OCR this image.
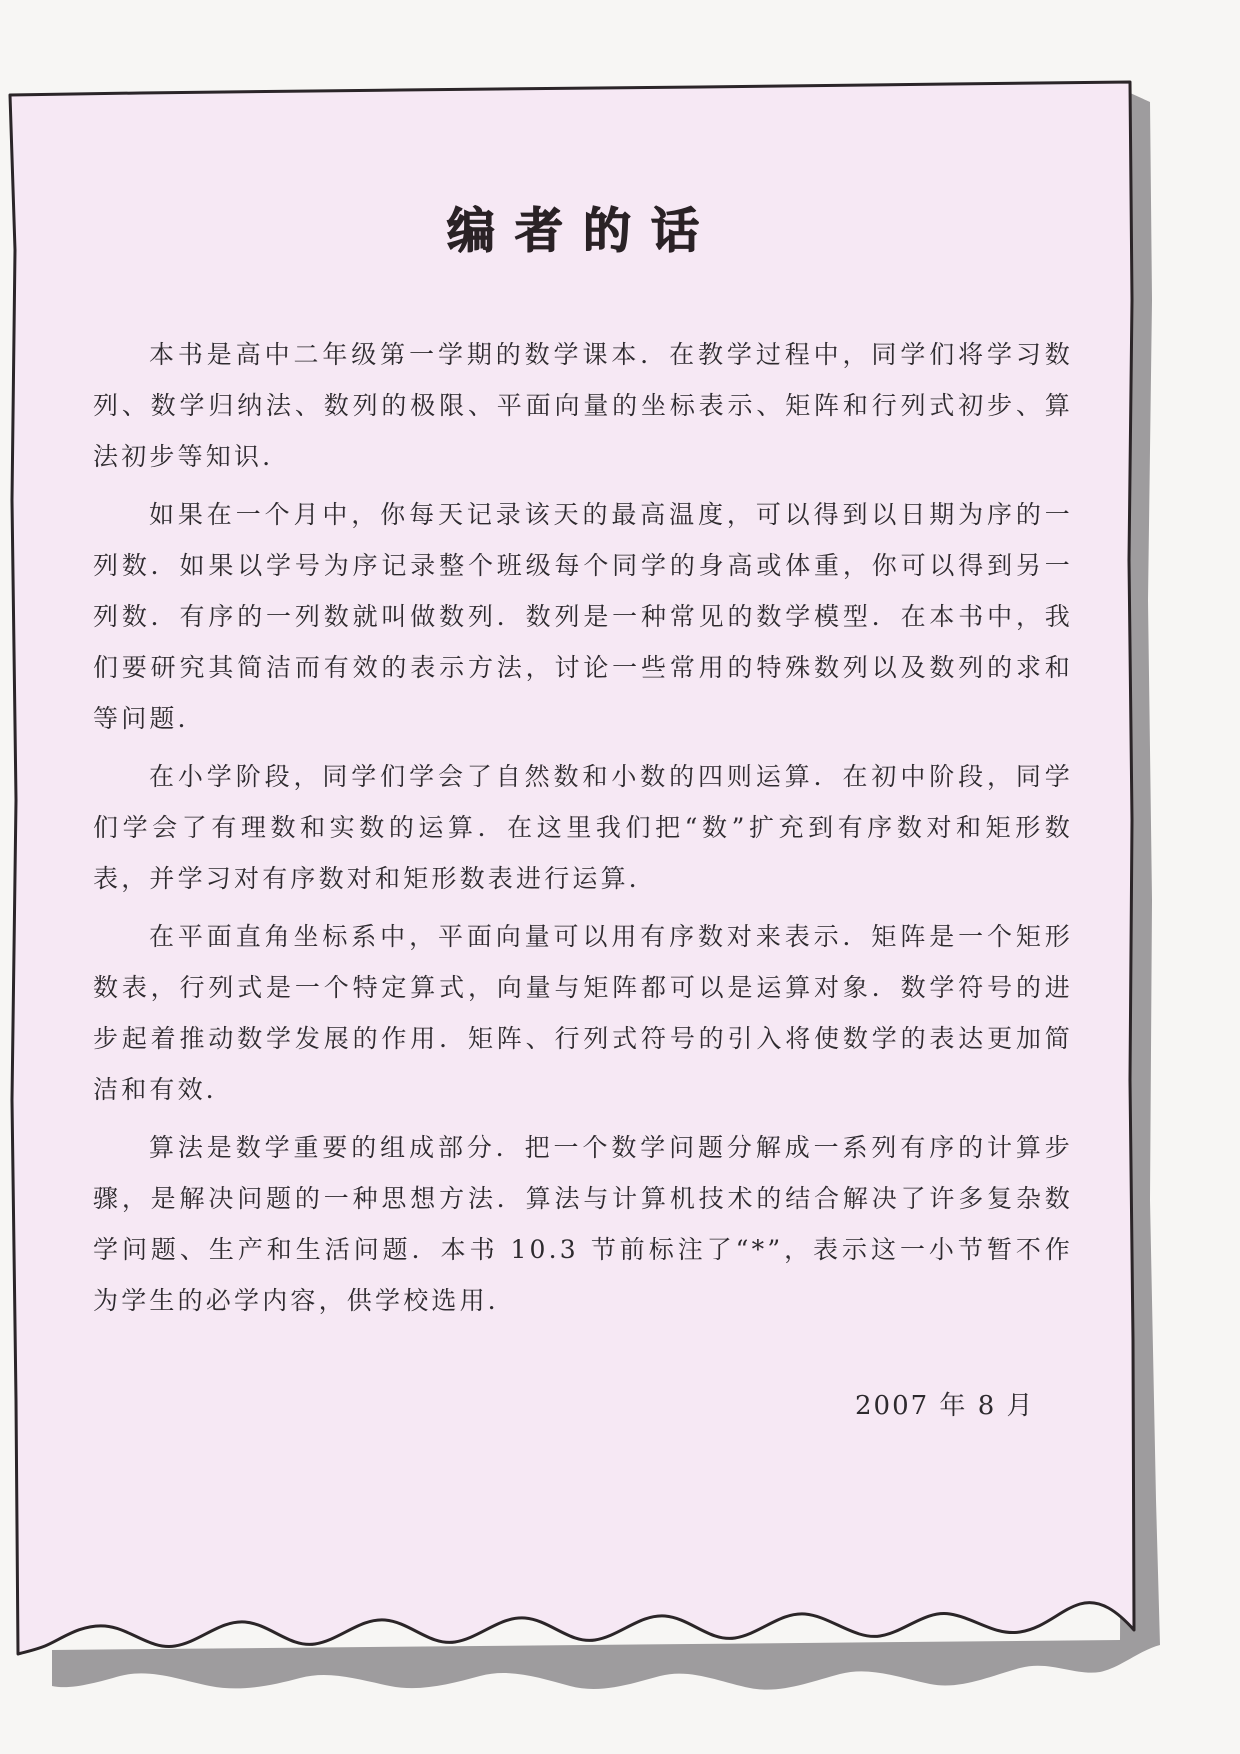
编者的话

本书是高中二年级第一学期的数学课本．在教学过程中，同学们将学习数列、数学归纳法、数列的极限、平面向量的坐标表示、矩阵和行列式初步、算法初步等知识．

如果在一个月中，你每天记录该天的最高温度，可以得到以日期为序的一列数．如果以学号为序记录整个班级每个同学的身高或体重，你可以得到另一列数．有序的一列数就叫做数列．数列是一种常见的数学模型．在本书中，我们要研究其简洁而有效的表示方法，讨论一些常用的特殊数列以及数列的求和等问题．

在小学阶段，同学们学会了自然数和小数的四则运算．在初中阶段，同学们学会了有理数和实数的运算．在这里我们把“数”扩充到有序数对和矩形数表，并学习对有序数对和矩形数表进行运算．

在平面直角坐标系中，平面向量可以用有序数对来表示．矩阵是一个矩形数表，行列式是一个特定算式，向量与矩阵都可以是运算对象．数学符号的进步起着推动数学发展的作用．矩阵、行列式符号的引入将使数学的表达更加简洁和有效．

算法是数学重要的组成部分．把一个数学问题分解成一系列有序的计算步骤，是解决问题的一种思想方法．算法与计算机技术的结合解决了许多复杂数学问题、生产和生活问题．本书 10.3 节前标注了“*”，表示这一小节暂不作为学生的必学内容，供学校选用．

2007 年 8 月
